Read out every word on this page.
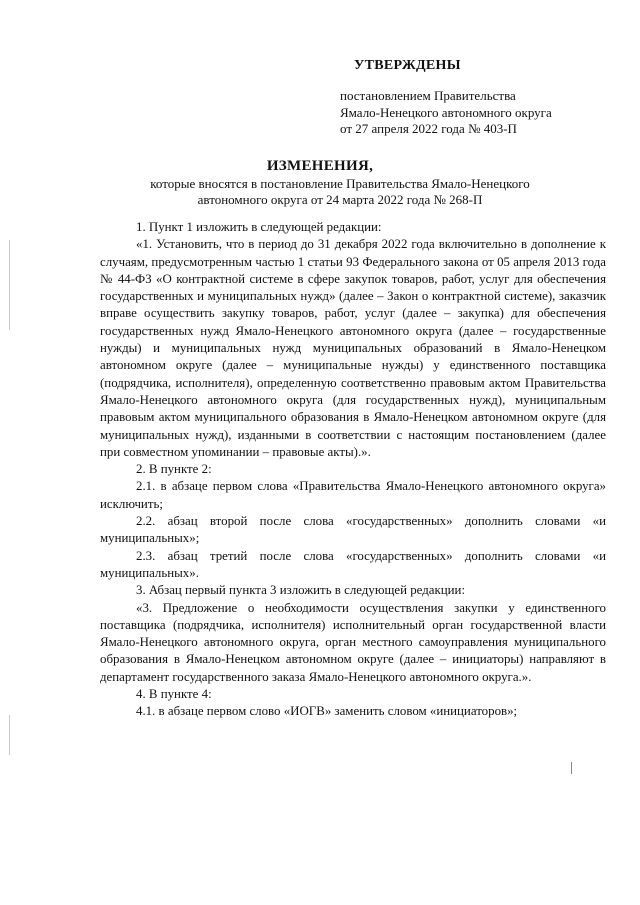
УТВЕРЖДЕНЫ
постановлением Правительства
Ямало-Ненецкого автономного округа
от 27 апреля 2022 года № 403-П
ИЗМЕНЕНИЯ,
которые вносятся в постановление Правительства Ямало-Ненецкого
автономного округа от 24 марта 2022 года № 268-П

1. Пункт 1 изложить в следующей редакции:

«1. Установить, что в период до 31 декабря 2022 года включительно в дополнение к случаям, предусмотренным частью 1 статьи 93 Федерального закона от 05 апреля 2013 года № 44-ФЗ «О контрактной системе в сфере закупок товаров, работ, услуг для обеспечения государственных и муниципальных нужд» (далее – Закон о контрактной системе), заказчик вправе осуществить закупку товаров, работ, услуг (далее – закупка) для обеспечения государственных нужд Ямало-Ненецкого автономного округа (далее – государственные нужды) и муниципальных нужд муниципальных образований в Ямало-Ненецком автономном округе (далее – муниципальные нужды) у единственного поставщика (подрядчика, исполнителя), определенную соответственно правовым актом Правительства Ямало-Ненецкого автономного округа (для государственных нужд), муниципальным правовым актом муниципального образования в Ямало-Ненецком автономном округе (для муниципальных нужд), изданными в соответствии с настоящим постановлением (далее при совместном упоминании – правовые акты).».

2. В пункте 2:

2.1. в абзаце первом слова «Правительства Ямало-Ненецкого автономного округа» исключить;

2.2. абзац второй после слова «государственных» дополнить словами «и муниципальных»;

2.3. абзац третий после слова «государственных» дополнить словами «и муниципальных».

3. Абзац первый пункта 3 изложить в следующей редакции:

«3. Предложение о необходимости осуществления закупки у единственного поставщика (подрядчика, исполнителя) исполнительный орган государственной власти Ямало-Ненецкого автономного округа, орган местного самоуправления муниципального образования в Ямало-Ненецком автономном округе (далее – инициаторы) направляют в департамент государственного заказа Ямало-Ненецкого автономного округа.».

4. В пункте 4:

4.1. в абзаце первом слово «ИОГВ» заменить словом «инициаторов»;
